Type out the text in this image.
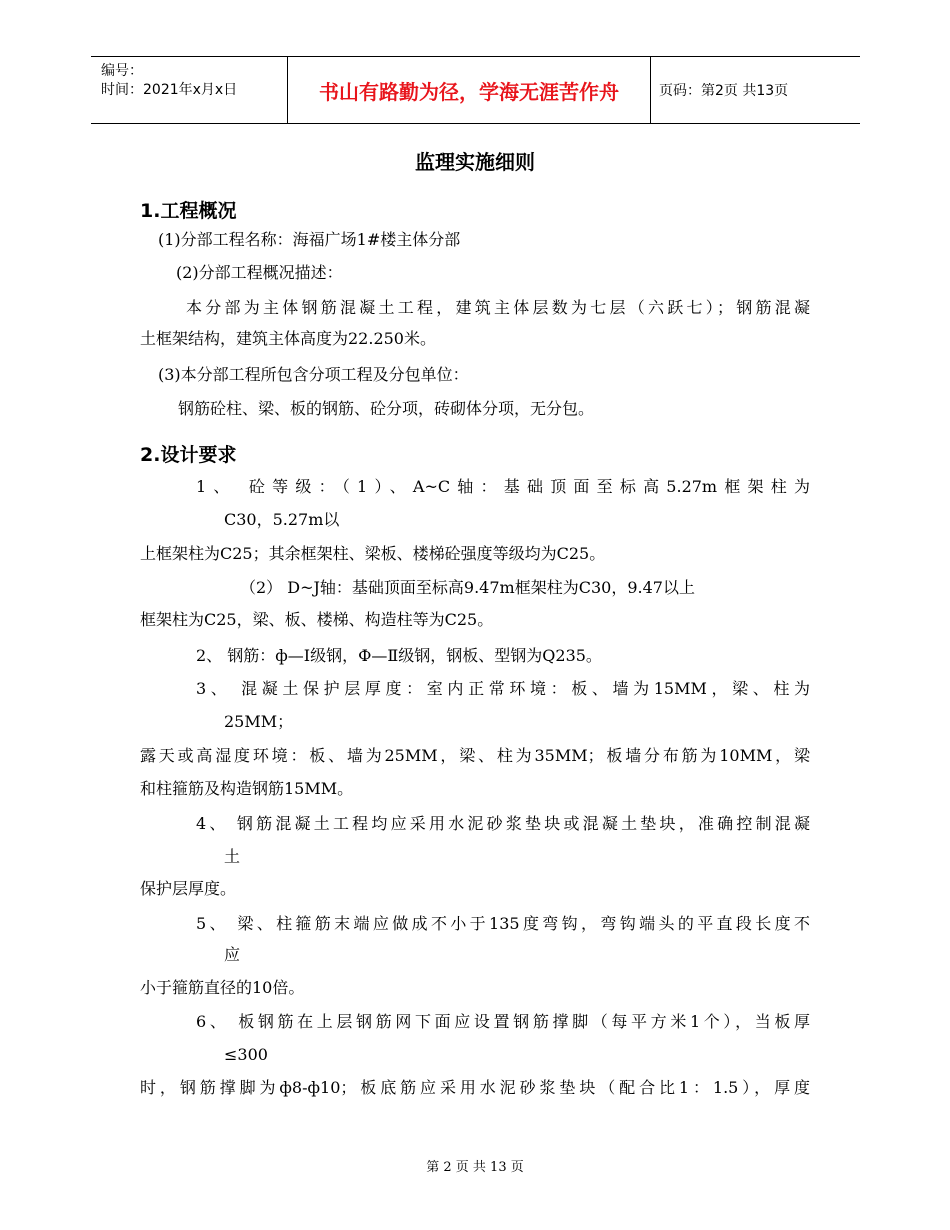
编号：
时间：2021年x月x日	书山有路勤为径，学海无涯苦作舟	页码：第2页 共13页
监理实施细则
1.工程概况
(1)分部工程名称：海福广场1#楼主体分部
(2)分部工程概况描述：
本分部为主体钢筋混凝土工程，建筑主体层数为七层（六跃七）；钢筋混凝
土框架结构，建筑主体高度为22.250米。
(3)本分部工程所包含分项工程及分包单位：
钢筋砼柱、梁、板的钢筋、砼分项，砖砌体分项，无分包。
2.设计要求
1、 砼等级：（1）、A~C轴：基础顶面至标高5.27m框架柱为
C30，5.27m以
上框架柱为C25；其余框架柱、梁板、楼梯砼强度等级均为C25。
（2） D~J轴：基础顶面至标高9.47m框架柱为C30，9.47以上
框架柱为C25，梁、板、楼梯、构造柱等为C25。
2、 钢筋：ф—Ⅰ级钢，Ф—Ⅱ级钢，钢板、型钢为Q235。
3、 混凝土保护层厚度：室内正常环境：板、墙为15MM，梁、柱为
25MM；
露天或高湿度环境：板、墙为25MM，梁、柱为35MM；板墙分布筋为10MM，梁
和柱箍筋及构造钢筋15MM。
4、 钢筋混凝土工程均应采用水泥砂浆垫块或混凝土垫块，准确控制混凝
土
保护层厚度。
5、 梁、柱箍筋末端应做成不小于135度弯钩，弯钩端头的平直段长度不
应
小于箍筋直径的10倍。
6、 板钢筋在上层钢筋网下面应设置钢筋撑脚（每平方米1个），当板厚
≤300
时，钢筋撑脚为ф8-ф10；板底筋应采用水泥砂浆垫块（配合比1：1.5），厚度
第 2 页 共 13 页
